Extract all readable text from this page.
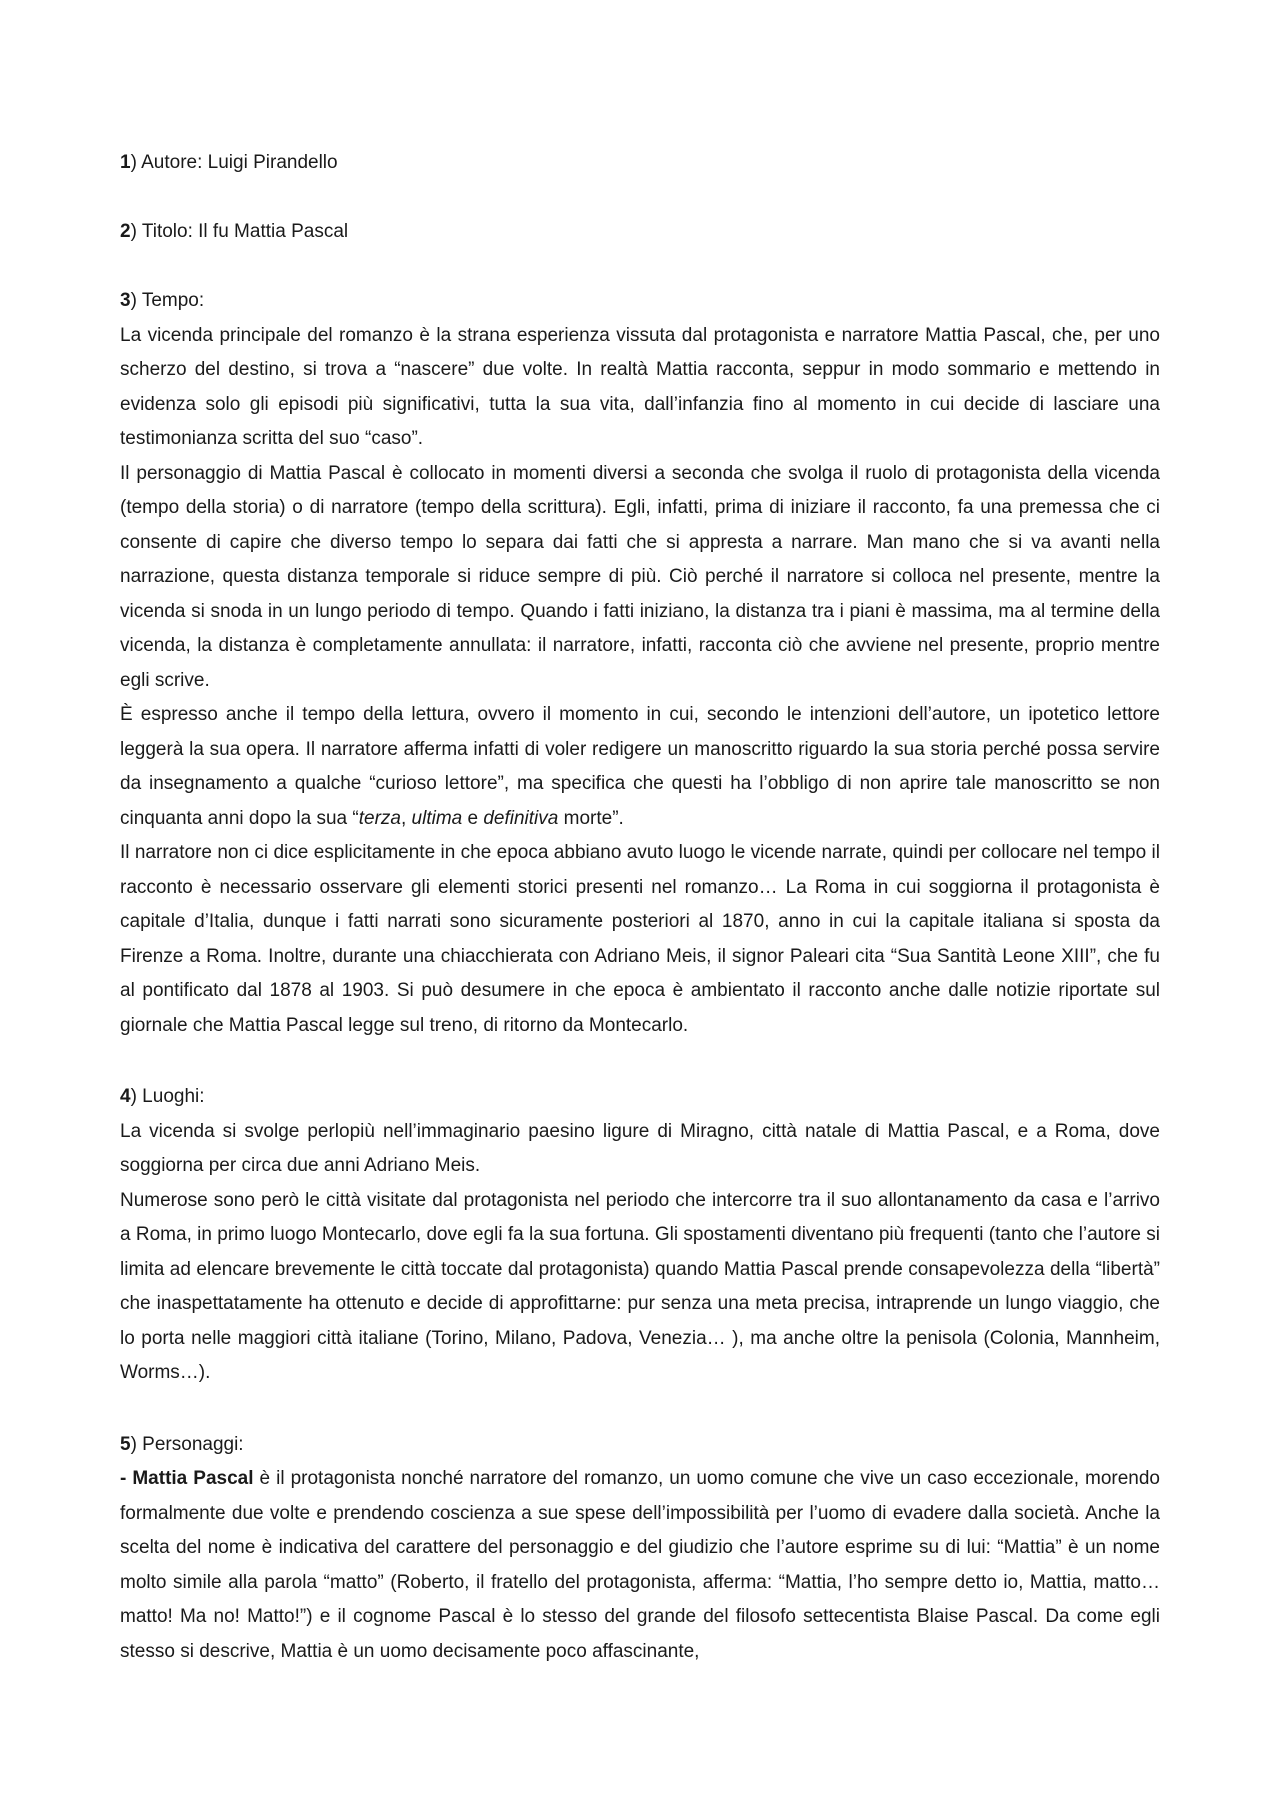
1) Autore: Luigi Pirandello

2) Titolo: Il fu Mattia Pascal

3) Tempo:

La vicenda principale del romanzo è la strana esperienza vissuta dal protagonista e narratore Mattia Pascal, che, per uno scherzo del destino, si trova a “nascere” due volte. In realtà Mattia racconta, seppur in modo sommario e mettendo in evidenza solo gli episodi più significativi, tutta la sua vita, dall’infanzia fino al momento in cui decide di lasciare una testimonianza scritta del suo “caso”.

Il personaggio di Mattia Pascal è collocato in momenti diversi a seconda che svolga il ruolo di protagonista della vicenda (tempo della storia) o di narratore (tempo della scrittura). Egli, infatti, prima di iniziare il racconto, fa una premessa che ci consente di capire che diverso tempo lo separa dai fatti che si appresta a narrare. Man mano che si va avanti nella narrazione, questa distanza temporale si riduce sempre di più. Ciò perché il narratore si colloca nel presente, mentre la vicenda si snoda in un lungo periodo di tempo. Quando i fatti iniziano, la distanza tra i piani è massima, ma al termine della vicenda, la distanza è completamente annullata: il narratore, infatti, racconta ciò che avviene nel presente, proprio mentre egli scrive.

È espresso anche il tempo della lettura, ovvero il momento in cui, secondo le intenzioni dell’autore, un ipotetico lettore leggerà la sua opera. Il narratore afferma infatti di voler redigere un manoscritto riguardo la sua storia perché possa servire da insegnamento a qualche “curioso lettore”, ma specifica che questi ha l’obbligo di non aprire tale manoscritto se non cinquanta anni dopo la sua “terza, ultima e definitiva morte”.

Il narratore non ci dice esplicitamente in che epoca abbiano avuto luogo le vicende narrate, quindi per collocare nel tempo il racconto è necessario osservare gli elementi storici presenti nel romanzo… La Roma in cui soggiorna il protagonista è capitale d’Italia, dunque i fatti narrati sono sicuramente posteriori al 1870, anno in cui la capitale italiana si sposta da Firenze a Roma. Inoltre, durante una chiacchierata con Adriano Meis, il signor Paleari cita “Sua Santità Leone XIII”, che fu al pontificato dal 1878 al 1903. Si può desumere in che epoca è ambientato il racconto anche dalle notizie riportate sul giornale che Mattia Pascal legge sul treno, di ritorno da Montecarlo.

4) Luoghi:

La vicenda si svolge perlopiù nell’immaginario paesino ligure di Miragno, città natale di Mattia Pascal, e a Roma, dove soggiorna per circa due anni Adriano Meis.

Numerose sono però le città visitate dal protagonista nel periodo che intercorre tra il suo allontanamento da casa e l’arrivo a Roma, in primo luogo Montecarlo, dove egli fa la sua fortuna. Gli spostamenti diventano più frequenti (tanto che l’autore si limita ad elencare brevemente le città toccate dal protagonista) quando Mattia Pascal prende consapevolezza della “libertà” che inaspettatamente ha ottenuto e decide di approfittarne: pur senza una meta precisa, intraprende un lungo viaggio, che lo porta nelle maggiori città italiane (Torino, Milano, Padova, Venezia… ), ma anche oltre la penisola (Colonia, Mannheim, Worms…).

5) Personaggi:

- Mattia Pascal è il protagonista nonché narratore del romanzo, un uomo comune che vive un caso eccezionale, morendo formalmente due volte e prendendo coscienza a sue spese dell’impossibilità per l’uomo di evadere dalla società. Anche la scelta del nome è indicativa del carattere del personaggio e del giudizio che l’autore esprime su di lui: “Mattia” è un nome molto simile alla parola “matto” (Roberto, il fratello del protagonista, afferma: “Mattia, l’ho sempre detto io, Mattia, matto… matto! Ma no! Matto!”) e il cognome Pascal è lo stesso del grande del filosofo settecentista Blaise Pascal. Da come egli stesso si descrive, Mattia è un uomo decisamente poco affascinante,
